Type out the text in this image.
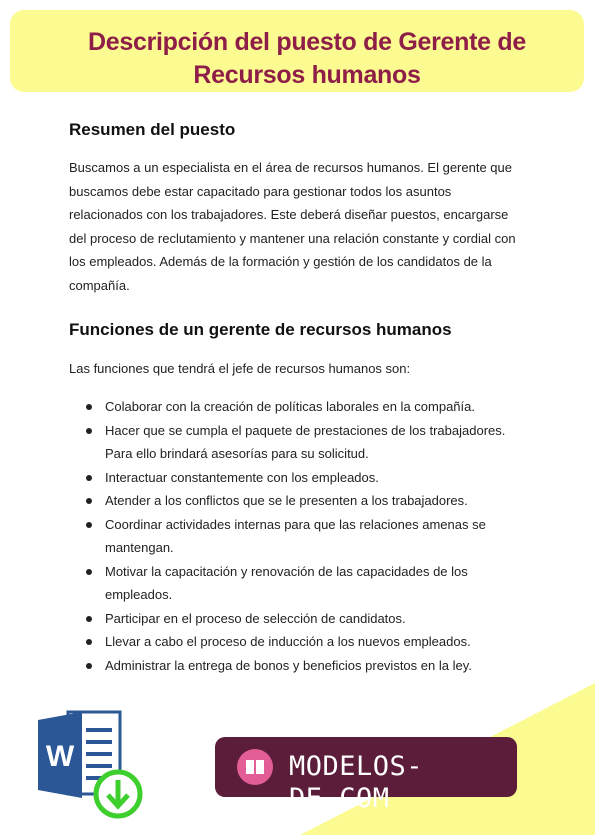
Descripción del puesto de Gerente de
Recursos humanos
Resumen del puesto
Buscamos a un especialista en el área de recursos humanos. El gerente que
buscamos debe estar capacitado para gestionar todos los asuntos
relacionados con los trabajadores. Este deberá diseñar puestos, encargarse
del proceso de reclutamiento y mantener una relación constante y cordial con
los empleados. Además de la formación y gestión de los candidatos de la
compañía.
Funciones de un gerente de recursos humanos
Las funciones que tendrá el jefe de recursos humanos son:
Colaborar con la creación de políticas laborales en la compañía.
Hacer que se cumpla el paquete de prestaciones de los trabajadores.
Para ello brindará asesorías para su solicitud.
Interactuar constantemente con los empleados.
Atender a los conflictos que se le presenten a los trabajadores.
Coordinar actividades internas para que las relaciones amenas se
mantengan.
Motivar la capacitación y renovación de las capacidades de los
empleados.
Participar en el proceso de selección de candidatos.
Llevar a cabo el proceso de inducción a los nuevos empleados.
Administrar la entrega de bonos y beneficios previstos en la ley.
W	MODELOS-DE.COM
